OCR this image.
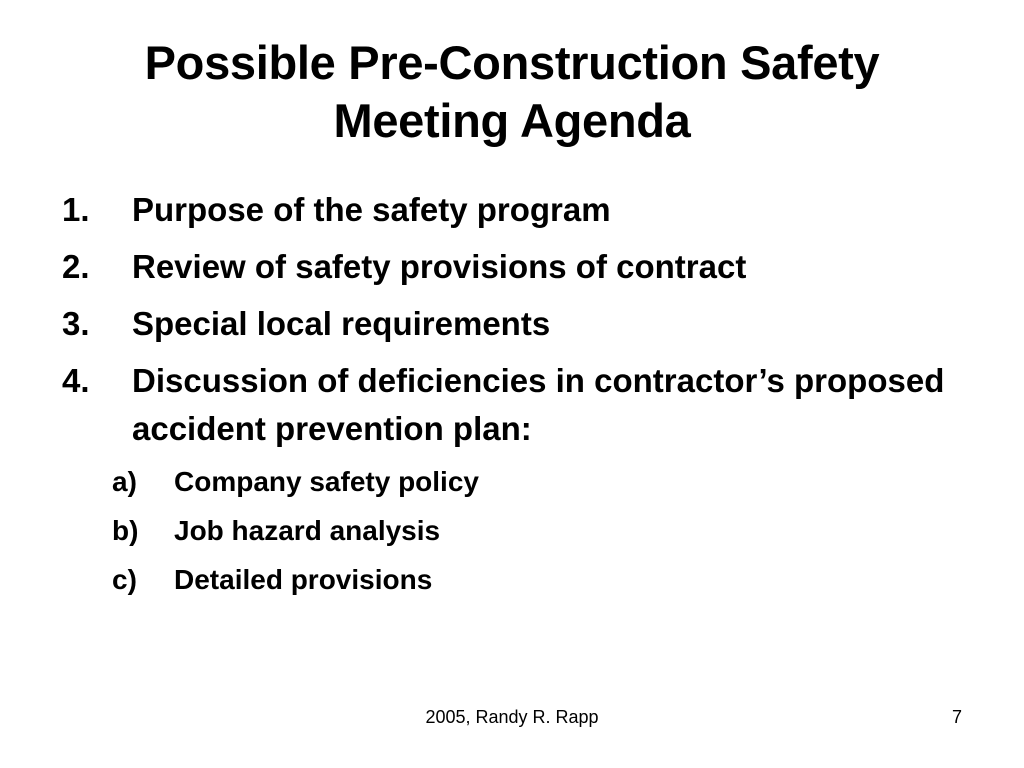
Possible Pre-Construction Safety
Meeting Agenda
1. Purpose of the safety program
2. Review of safety provisions of contract
3. Special local requirements
4. Discussion of deficiencies in contractor’s proposed accident prevention plan:
a) Company safety policy
b) Job hazard analysis
c) Detailed provisions
2005, Randy R. Rapp	7
